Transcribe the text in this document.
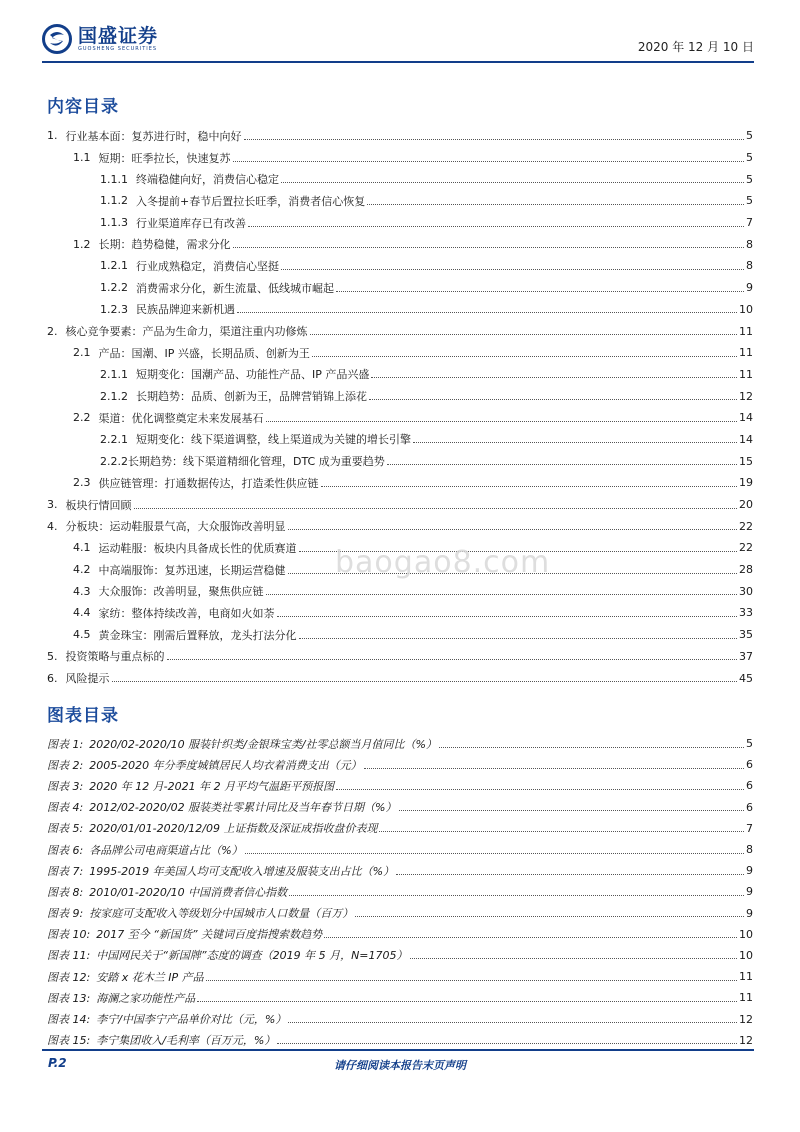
国盛证券
GUOSHENG SECURITIES	2020 年 12 月 10 日
内容目录
1. 行业基本面：复苏进行时，稳中向好	5
1.1 短期：旺季拉长，快速复苏	5
1.1.1 终端稳健向好，消费信心稳定	5
1.1.2 入冬提前+春节后置拉长旺季，消费者信心恢复	5
1.1.3 行业渠道库存已有改善	7
1.2 长期：趋势稳健，需求分化	8
1.2.1 行业成熟稳定，消费信心坚挺	8
1.2.2 消费需求分化，新生流量、低线城市崛起	9
1.2.3 民族品牌迎来新机遇	10
2. 核心竞争要素：产品为生命力，渠道注重内功修炼	11
2.1 产品：国潮、IP 兴盛，长期品质、创新为王	11
2.1.1 短期变化：国潮产品、功能性产品、IP 产品兴盛	11
2.1.2 长期趋势：品质、创新为王，品牌营销锦上添花	12
2.2 渠道：优化调整奠定未来发展基石	14
2.2.1 短期变化：线下渠道调整，线上渠道成为关键的增长引擎	14
2.2.2 长期趋势：线下渠道精细化管理，DTC 成为重要趋势	15
2.3 供应链管理：打通数据传达，打造柔性供应链	19
3. 板块行情回顾	20
4. 分板块：运动鞋服景气高，大众服饰改善明显	22
4.1 运动鞋服：板块内具备成长性的优质赛道	22
4.2 中高端服饰：复苏迅速，长期运营稳健	28
4.3 大众服饰：改善明显，聚焦供应链	30
4.4 家纺：整体持续改善，电商如火如荼	33
4.5 黄金珠宝：刚需后置释放，龙头打法分化	35
5. 投资策略与重点标的	37
6. 风险提示	45
图表目录
图表 1: 2020/02-2020/10 服装针织类/金银珠宝类/社零总额当月值同比（%）	5
图表 2: 2005-2020 年分季度城镇居民人均衣着消费支出（元）	6
图表 3: 2020 年 12 月-2021 年 2 月平均气温距平预报图	6
图表 4: 2012/02-2020/02 服装类社零累计同比及当年春节日期（%）	6
图表 5: 2020/01/01-2020/12/09 上证指数及深证成指收盘价表现	7
图表 6: 各品牌公司电商渠道占比（%）	8
图表 7: 1995-2019 年美国人均可支配收入增速及服装支出占比（%）	9
图表 8: 2010/01-2020/10 中国消费者信心指数	9
图表 9: 按家庭可支配收入等级划分中国城市人口数量（百万）	9
图表 10: 2017 至今 “新国货” 关键词百度指搜索数趋势	10
图表 11: 中国网民关于“新国牌”态度的调查（2019 年 5 月，N=1705）	10
图表 12: 安踏 x 花木兰 IP 产品	11
图表 13: 海澜之家功能性产品	11
图表 14: 李宁/中国李宁产品单价对比（元，%）	12
图表 15: 李宁集团收入/毛利率（百万元，%）	12
baogao8.com
P.2	请仔细阅读本报告末页声明
